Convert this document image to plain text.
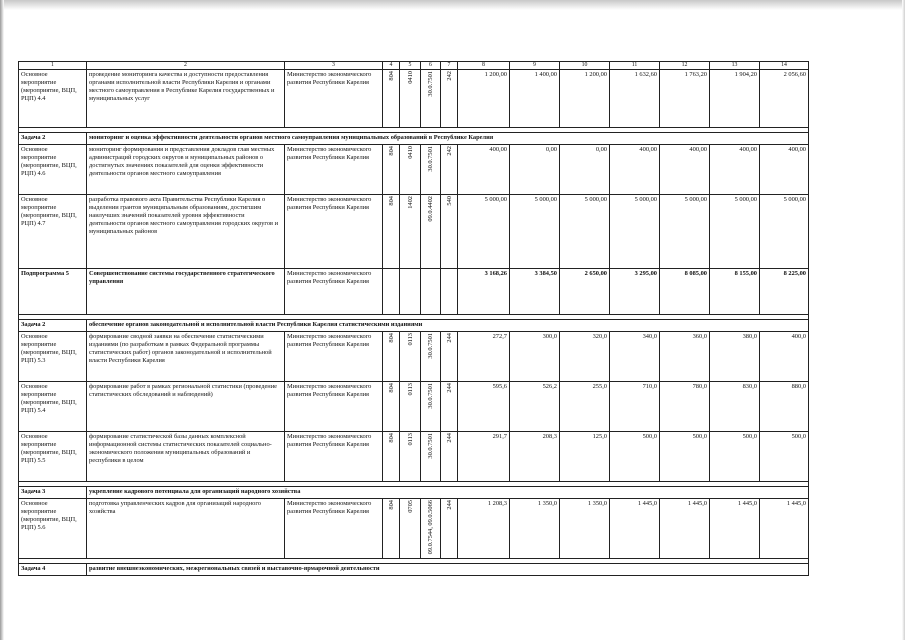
1	2	3	4	5	6	7	8	9	10	11	12	13	14
Основное мероприятие (мероприятие, ВЦП, РЦП) 4.4	проведение мониторинга качества и доступности предоставления органами исполнительной власти Республики Карелия и органами местного самоуправления в Республике Карелия государственных и муниципальных услуг	Министерство экономического развития Республики Карелия	804	0410	30.0.7501	242	1 200,00	1 400,00	1 200,00	1 632,60	1 763,20	1 904,20	2 056,60

Задача 2	мониторинг и оценка эффективности деятельности органов местного самоуправления муниципальных образований в Республике Карелия												
Основное мероприятие (мероприятие, ВЦП, РЦП) 4.6	мониторинг формирования и представления докладов глав местных администраций городских округов и муниципальных районов о достигнутых значениях показателей для оценки эффективности деятельности органов местного самоуправления	Министерство экономического развития Республики Карелия	804	0410	30.0.7501	242	400,00	0,00	0,00	400,00	400,00	400,00	400,00
Основное мероприятие (мероприятие, ВЦП, РЦП) 4.7	разработка правового акта Правительства Республики Карелия о выделении грантов муниципальным образованиям, достигшим наилучших значений показателей уровня эффективности деятельности органов местного самоуправления городских округов и муниципальных районов	Министерство экономического развития Республики Карелия	804	1402	09.0.4402	540	5 000,00	5 000,00	5 000,00	5 000,00	5 000,00	5 000,00	5 000,00
Подпрограмма 5	Совершенствование системы государственного стратегического управления	Министерство экономического развития Республики Карелия					3 168,26	3 384,50	2 650,00	3 295,00	8 085,00	8 155,00	8 225,00

Задача 2	обеспечение органов законодательной и исполнительной власти Республики Карелия статистическими изданиями												
Основное мероприятие (мероприятие, ВЦП, РЦП) 5.3	формирование сводной заявки на обеспечение статистическими изданиями (по разработкам в рамках Федеральной программы статистических работ) органов законодательной и исполнительной власти Республики Карелия	Министерство экономического развития Республики Карелия	804	0113	30.0.7501	244	272,7	300,0	320,0	340,0	360,0	380,0	400,0
Основное мероприятие (мероприятие, ВЦП, РЦП) 5.4	формирование работ в рамках региональной статистики (проведение статистических обследований и наблюдений)	Министерство экономического развития Республики Карелия	804	0113	30.0.7501	244	595,6	526,2	255,0	710,0	780,0	830,0	880,0
Основное мероприятие (мероприятие, ВЦП, РЦП) 5.5	формирование статистической базы данных комплексной информационной системы статистических показателей социально-экономического положения муниципальных образований и республики в целом	Министерство экономического развития Республики Карелия	804	0113	30.0.7501	244	291,7	208,3	125,0	500,0	500,0	500,0	500,0

Задача 3	укрепление кадрового потенциала для организаций народного хозяйства												
Основное мероприятие (мероприятие, ВЦП, РЦП) 5.6	подготовка управленческих кадров для организаций народного хозяйства	Министерство экономического развития Республики Карелия	804	0705	09.0.7544, 09.0.5066	244	1 208,3	1 350,0	1 350,0	1 445,0	1 445,0	1 445,0	1 445,0

Задача 4	развитие внешнеэкономических, межрегиональных связей и выставочно-ярмарочной деятельности												
